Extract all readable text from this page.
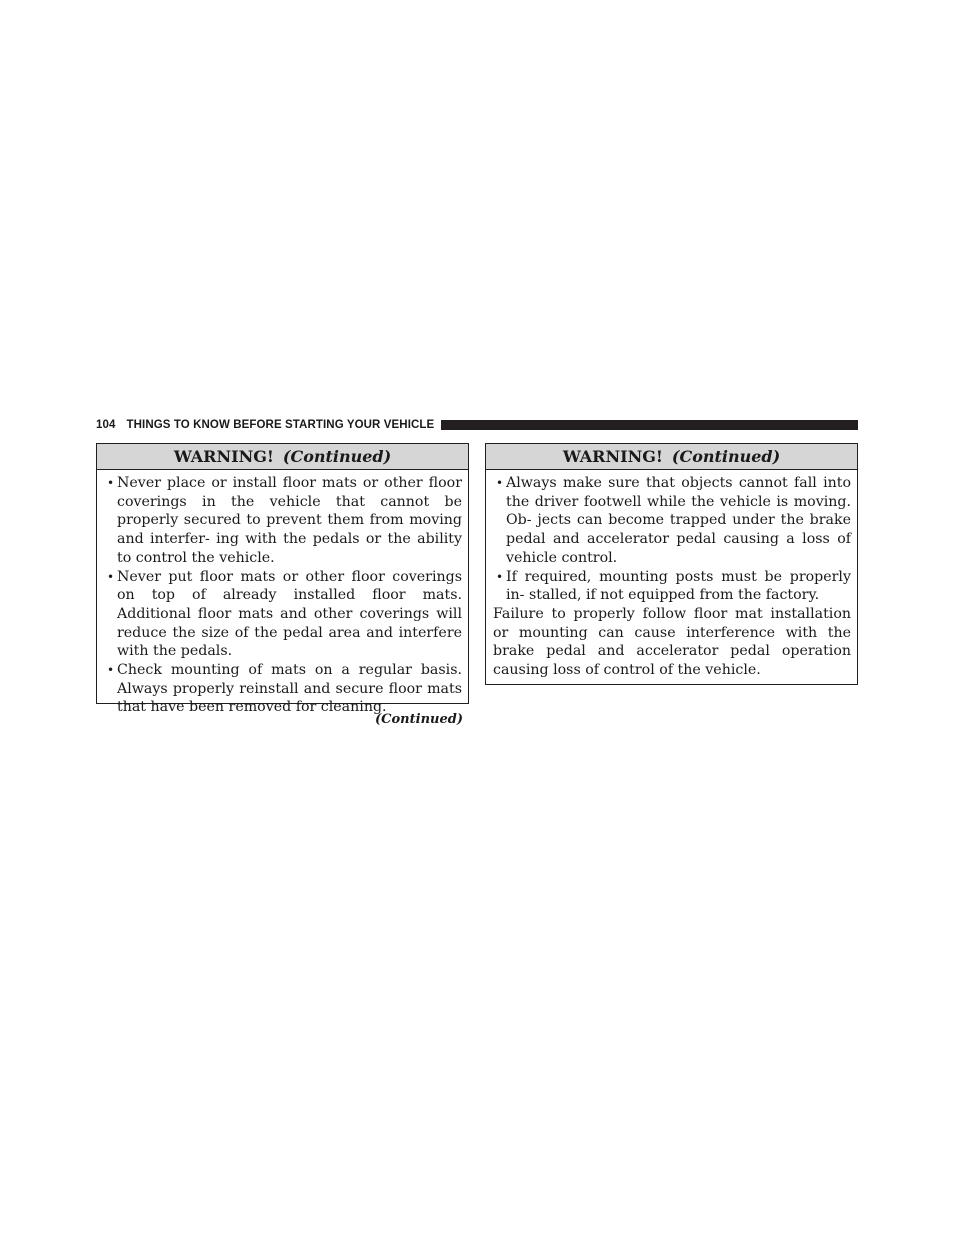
104 THINGS TO KNOW BEFORE STARTING YOUR VEHICLE
WARNING! (Continued)
• Never place or install floor mats or other floor coverings in the vehicle that cannot be properly secured to prevent them from moving and interfer- ing with the pedals or the ability to control the vehicle.
• Never put floor mats or other floor coverings on top of already installed floor mats. Additional floor mats and other coverings will reduce the size of the pedal area and interfere with the pedals.
• Check mounting of mats on a regular basis. Always properly reinstall and secure floor mats that have been removed for cleaning.
(Continued)
WARNING! (Continued)
• Always make sure that objects cannot fall into the driver footwell while the vehicle is moving. Ob- jects can become trapped under the brake pedal and accelerator pedal causing a loss of vehicle control.
• If required, mounting posts must be properly in- stalled, if not equipped from the factory.
Failure to properly follow floor mat installation or mounting can cause interference with the brake pedal and accelerator pedal operation causing loss of control of the vehicle.
